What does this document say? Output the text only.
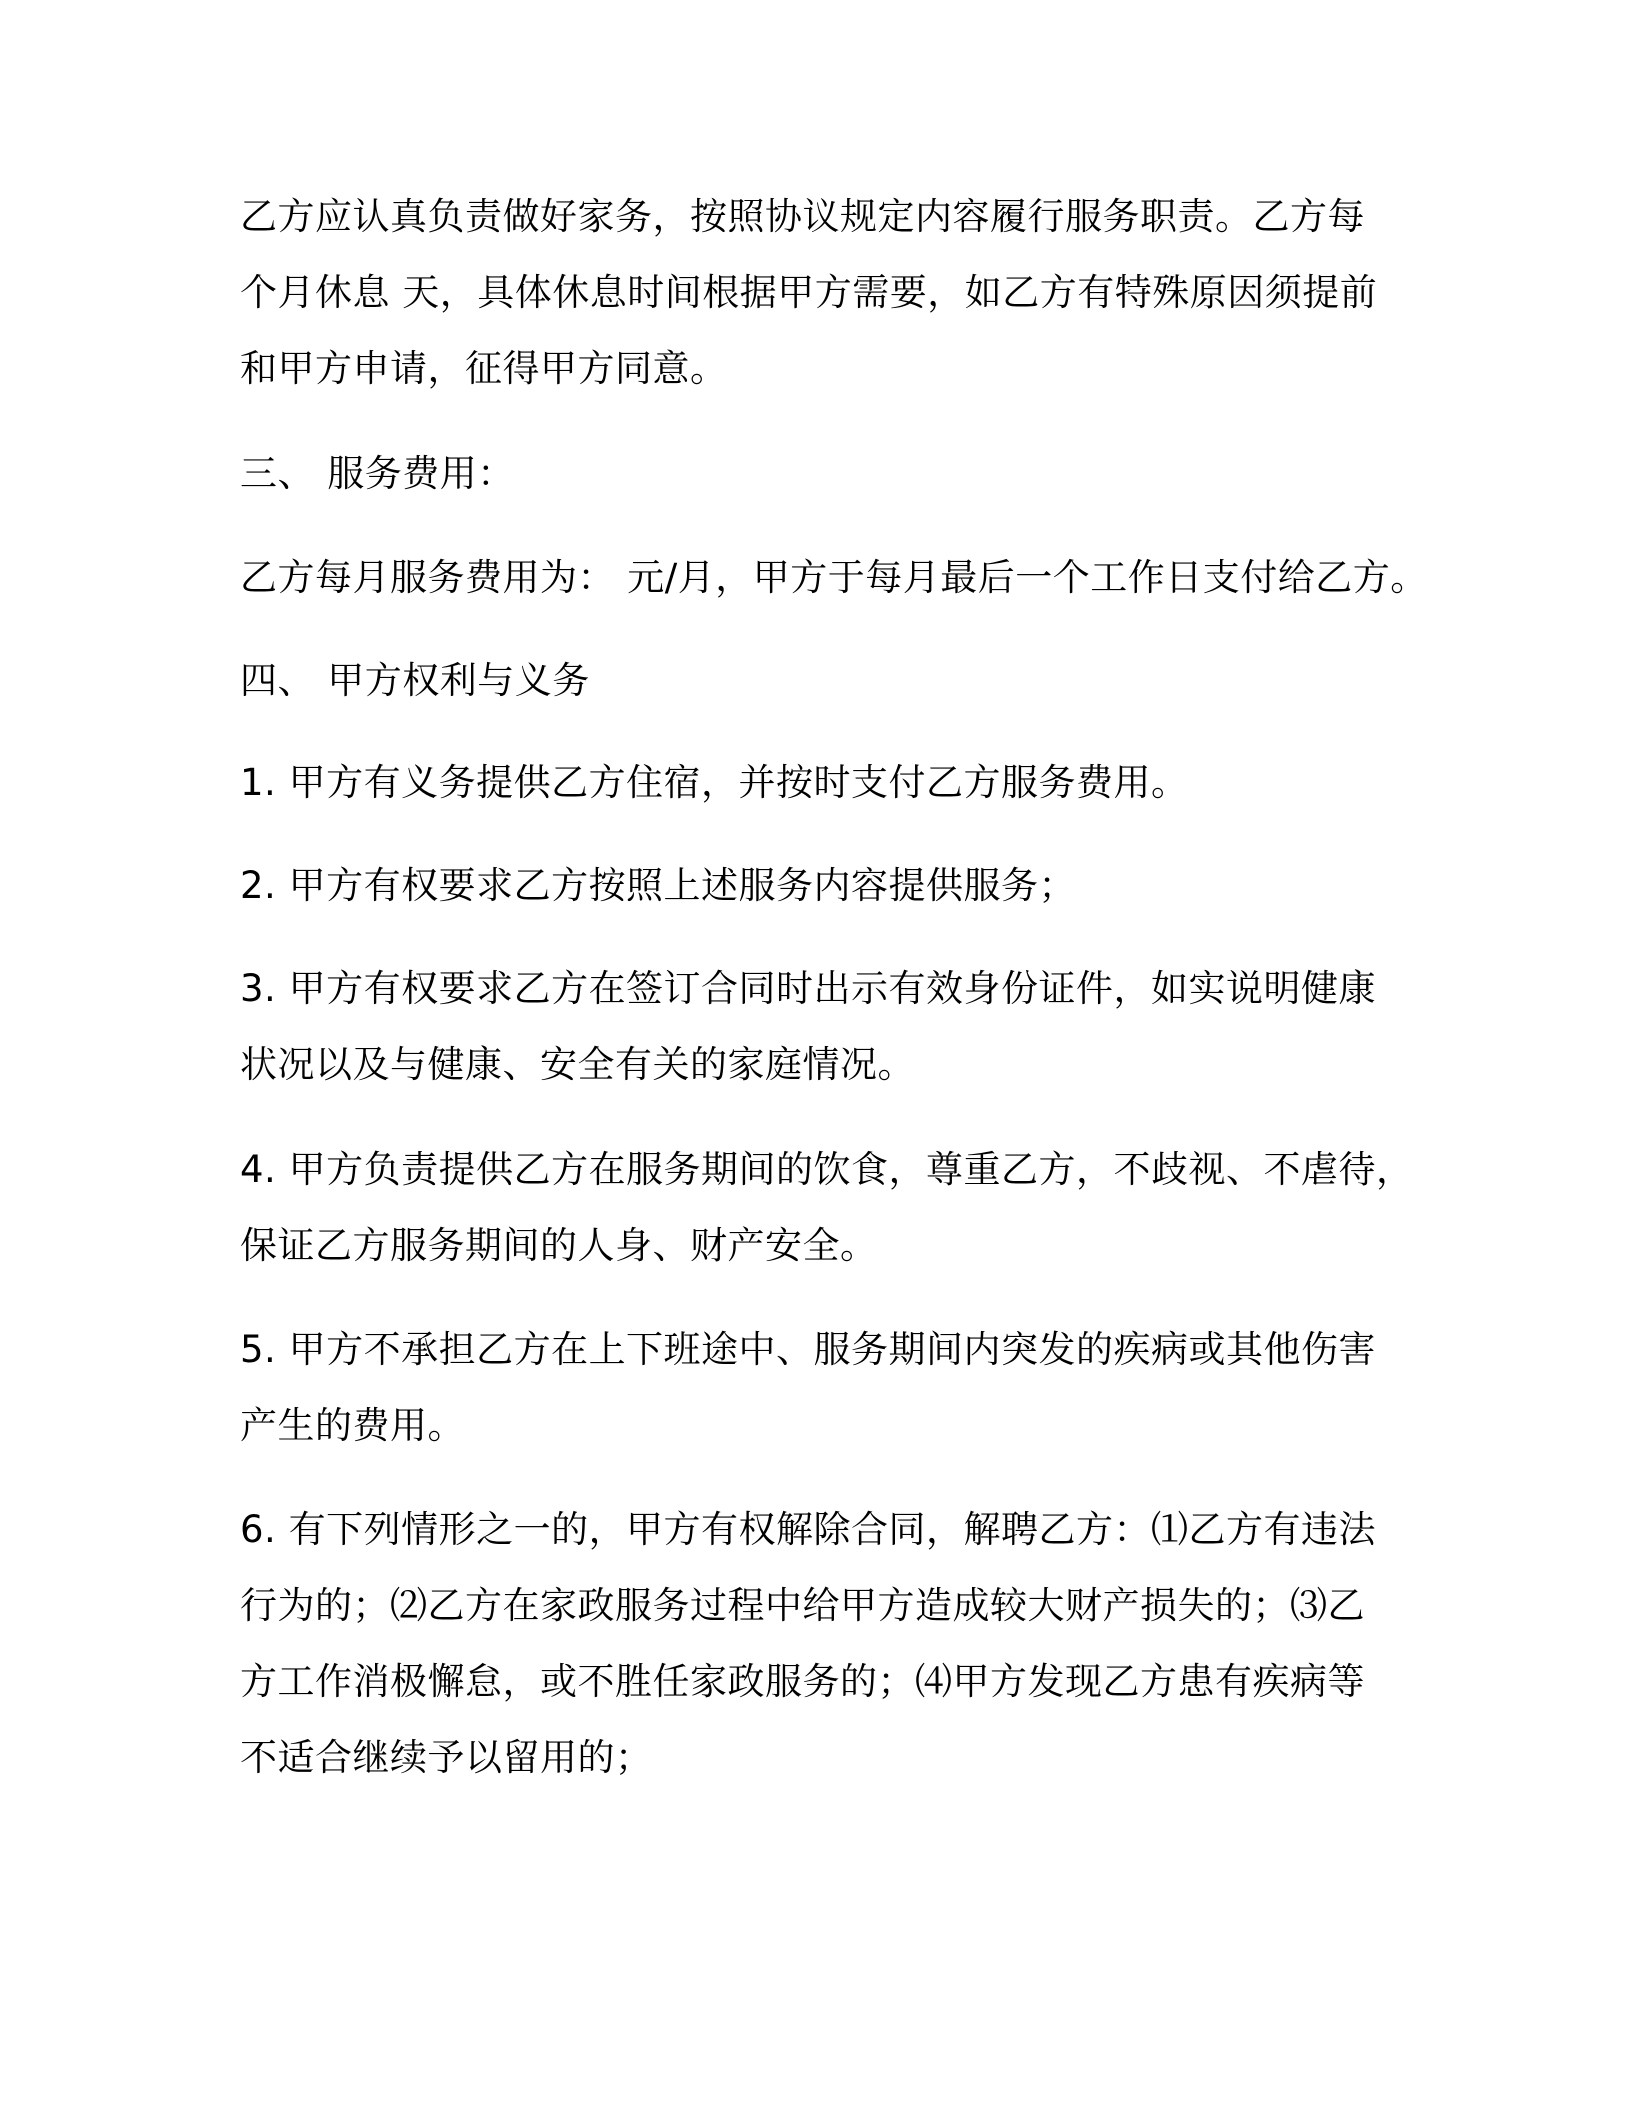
乙方应认真负责做好家务，按照协议规定内容履行服务职责。乙方每
个月休息 天，具体休息时间根据甲方需要，如乙方有特殊原因须提前
和甲方申请，征得甲方同意。
三、 服务费用：
乙方每月服务费用为： 元/月，甲方于每月最后一个工作日支付给乙方。
四、 甲方权利与义务
1. 甲方有义务提供乙方住宿，并按时支付乙方服务费用。
2. 甲方有权要求乙方按照上述服务内容提供服务；
3. 甲方有权要求乙方在签订合同时出示有效身份证件，如实说明健康
状况以及与健康、安全有关的家庭情况。
4. 甲方负责提供乙方在服务期间的饮食，尊重乙方，不歧视、不虐待，
保证乙方服务期间的人身、财产安全。
5. 甲方不承担乙方在上下班途中、服务期间内突发的疾病或其他伤害
产生的费用。
6. 有下列情形之一的，甲方有权解除合同，解聘乙方：⑴乙方有违法
行为的；⑵乙方在家政服务过程中给甲方造成较大财产损失的；⑶乙
方工作消极懈怠，或不胜任家政服务的；⑷甲方发现乙方患有疾病等
不适合继续予以留用的；
